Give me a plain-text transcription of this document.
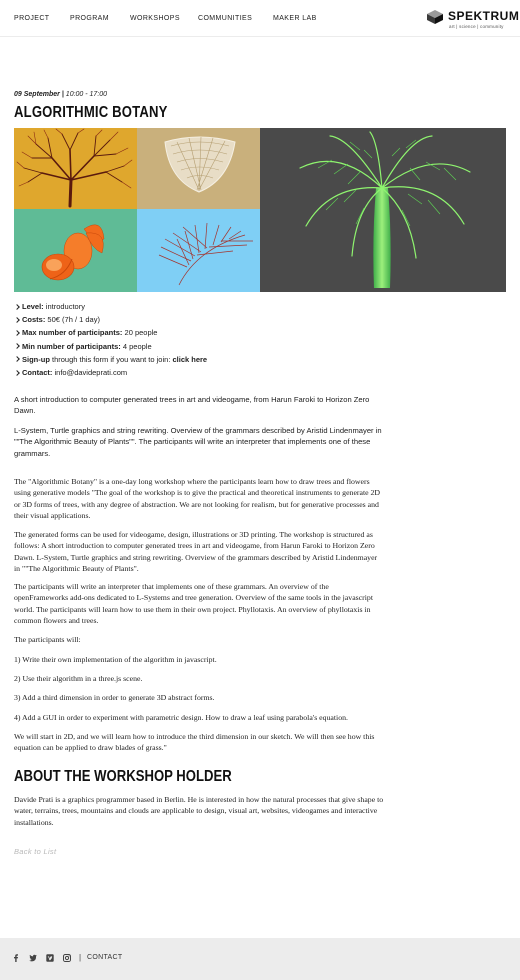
PROJECT	PROGRAM	WORKSHOPS	COMMUNITIES	MAKER LAB	SPEKTRUM
art | science | community
09 September | 10:00 - 17:00
ALGORITHMIC BOTANY
Level: introductory
Costs: 50€ (7h / 1 day)
Max number of participants: 20 people
Min number of participants: 4 people
Sign-up through this form if you want to join: click here
Contact: info@davideprati.com

A short introduction to computer generated trees in art and videogame, from Harun Faroki to Horizon Zero Dawn.

L-System, Turtle graphics and string rewriting. Overview of the grammars described by Aristid Lindenmayer in ""The Algorithmic Beauty of Plants"". The participants will write an interpreter that implements one of these grammars.

The "Algorithmic Botany" is a one-day long workshop where the participants learn how to draw trees and flowers using generative models "The goal of the workshop is to give the practical and theoretical instruments to generate 2D or 3D forms of trees, with any degree of abstraction. We are not looking for realism, but for generative processes and their visual applications.

The generated forms can be used for videogame, design, illustrations or 3D printing. The workshop is structured as follows: A short introduction to computer generated trees in art and videogame, from Harun Faroki to Horizon Zero Dawn. L-System, Turtle graphics and string rewriting. Overview of the grammars described by Aristid Lindenmayer in ""The Algorithmic Beauty of Plants".

The participants will write an interpreter that implements one of these grammars. An overview of the openFrameworks add-ons dedicated to L-Systems and tree generation. Overview of the same tools in the javascript world. The participants will learn how to use them in their own project. Phyllotaxis. An overview of phyllotaxis in common flowers and trees.

The participants will:

1) Write their own implementation of the algorithm in javascript.

2) Use their algorithm in a three.js scene.

3) Add a third dimension in order to generate 3D abstract forms.

4) Add a GUI in order to experiment with parametric design. How to draw a leaf using parabola's equation.

We will start in 2D, and we will learn how to introduce the third dimension in our sketch. We will then see how this equation can be applied to draw blades of grass."

ABOUT THE WORKSHOP HOLDER

Davide Prati is a graphics programmer based in Berlin. He is interested in how the natural processes that give shape to water, terrains, trees, mountains and clouds are applicable to design, visual art, websites, videogames and interactive installations.

Back to List
| CONTACT
